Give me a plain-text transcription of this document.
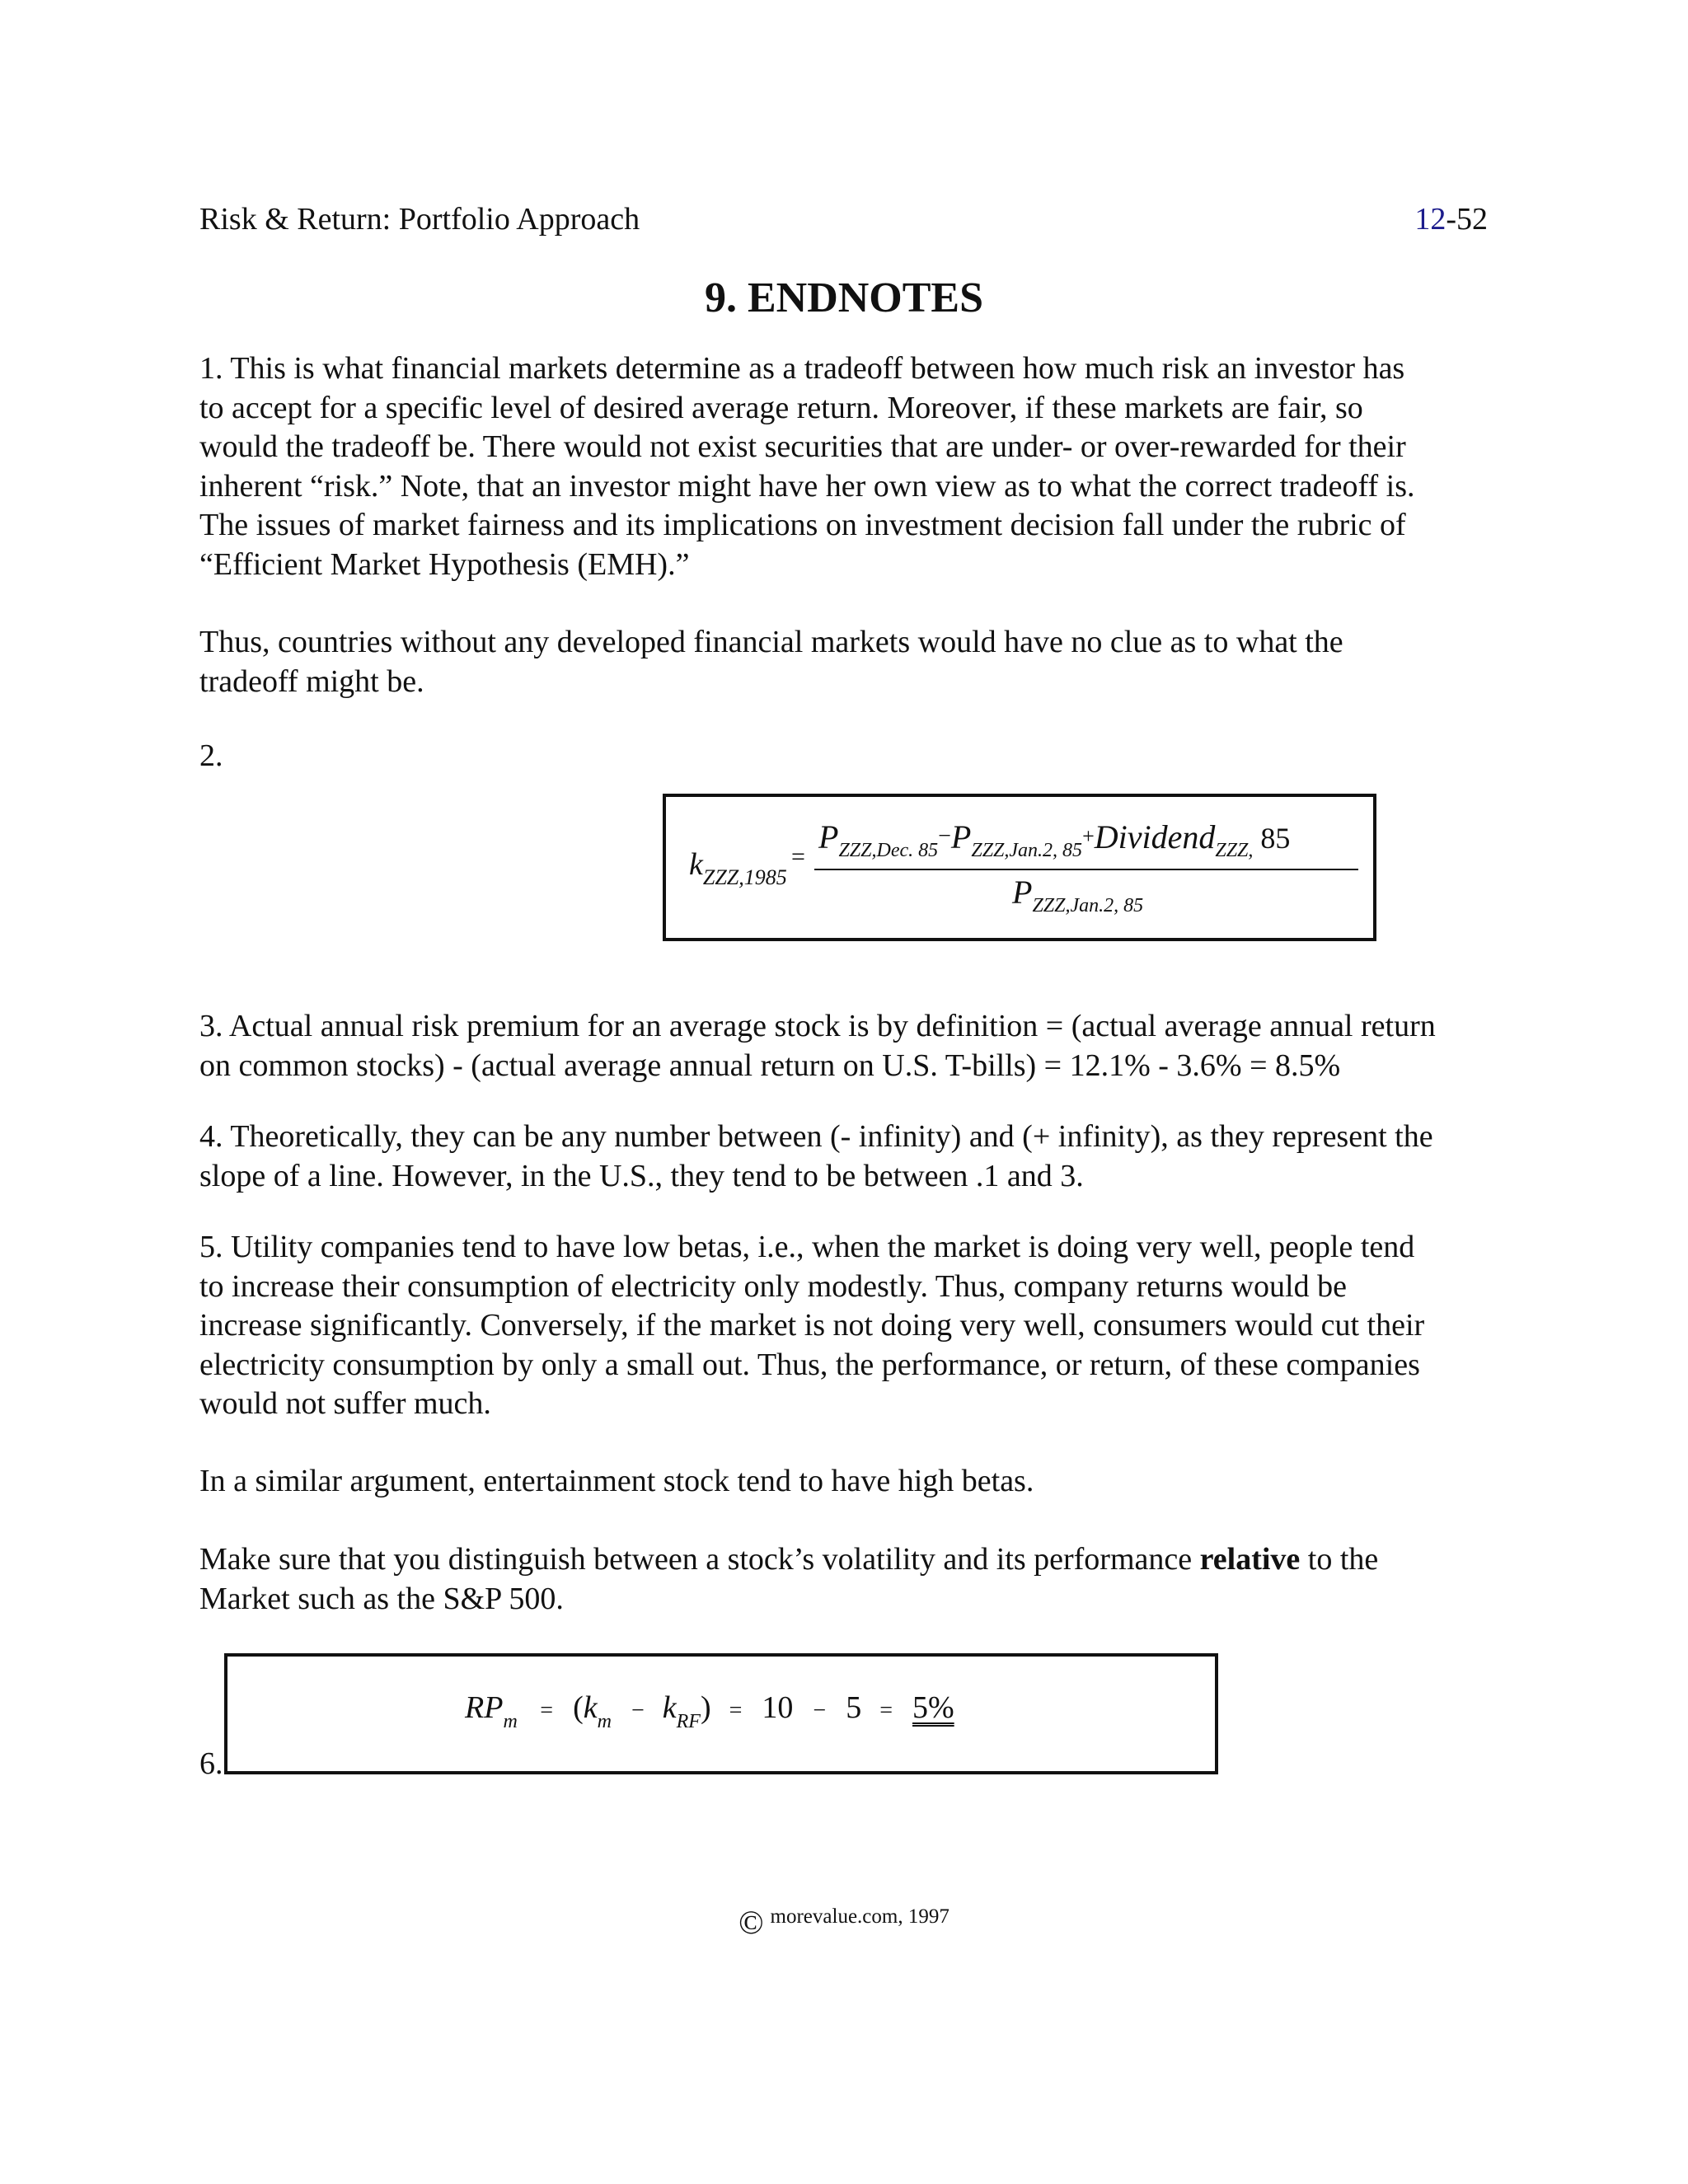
Risk & Return: Portfolio Approach	12-52
9. ENDNOTES
1. This is what financial markets determine as a tradeoff between how much risk an investor has
to accept for a specific level of desired average return. Moreover, if these markets are fair, so
would the tradeoff be. There would not exist securities that are under- or over-rewarded for their
inherent “risk.” Note, that an investor might have her own view as to what the correct tradeoff is.
The issues of market fairness and its implications on investment decision fall under the rubric of
“Efficient Market Hypothesis (EMH).”
Thus, countries without any developed financial markets would have no clue as to what the
tradeoff might be.
2.
$k_{ZZZ,1985}$
=
$P_{ZZZ,Dec. 85}-P_{ZZZ,Jan.2, 85}+Dividend_{ZZZ,}$ 85
$P_{ZZZ,Jan.2, 85}$
3. Actual annual risk premium for an average stock is by definition = (actual average annual return
on common stocks) - (actual average annual return on U.S. T-bills) = 12.1% - 3.6% = 8.5%
4. Theoretically, they can be any number between (- infinity) and (+ infinity), as they represent the
slope of a line. However, in the U.S., they tend to be between .1 and 3.
5. Utility companies tend to have low betas, i.e., when the market is doing very well, people tend
to increase their consumption of electricity only modestly. Thus, company returns would be
increase significantly. Conversely, if the market is not doing very well, consumers would cut their
electricity consumption by only a small out. Thus, the performance, or return, of these companies
would not suffer much.
In a similar argument, entertainment stock tend to have high betas.
Make sure that you distinguish between a stock’s volatility and its performance relative to the
Market such as the S&P 500.
6.
$RP_m = (k_m - k_{RF}) = 10 - 5 = 5\%$
© morevalue.com, 1997
